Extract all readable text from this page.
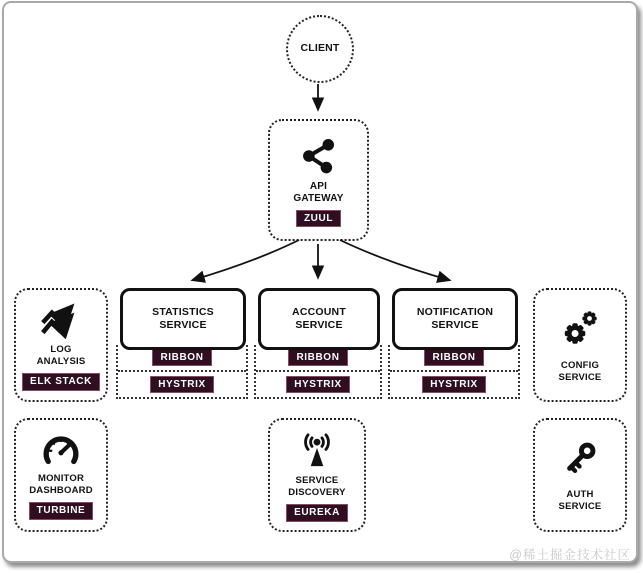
CLIENT
API GATEWAY
ZUUL
STATISTICS SERVICE
RIBBON
HYSTRIX
ACCOUNT SERVICE
RIBBON
HYSTRIX
NOTIFICATION SERVICE
RIBBON
HYSTRIX
LOG ANALYSIS
ELK STACK
MONITOR DASHBOARD
TURBINE
SERVICE DISCOVERY
EUREKA
CONFIG SERVICE
AUTH SERVICE
@稀土掘金技术社区
